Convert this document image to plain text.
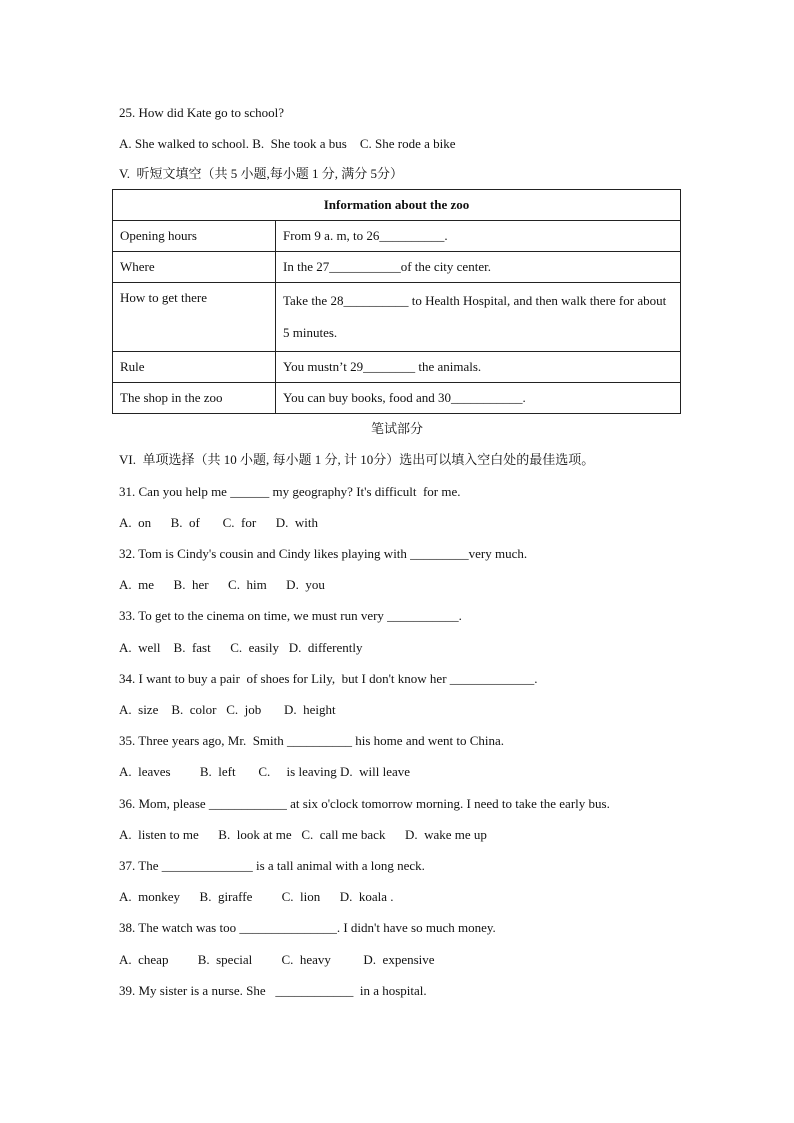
25. How did Kate go to school?
A. She walked to school. B.  She took a bus    C. She rode a bike
V.  听短文填空（共 5 小题,每小题 1 分, 满分 5分）
Information about the zoo	
Opening hours	From 9 a. m, to 26__________.
Where	In the 27___________of the city center.
How to get there	Take the 28__________ to Health Hospital, and then walk there for about 5 minutes.
Rule	You mustn’t 29________ the animals.
The shop in the zoo	You can buy books, food and 30___________.
笔试部分
VI.  单项选择（共 10 小题, 每小题 1 分, 计 10分）选出可以填入空白处的最佳选项。
31. Can you help me ______ my geography? It's difficult  for me.
A.  on      B.  of       C.  for      D.  with
32. Tom is Cindy's cousin and Cindy likes playing with _________very much.
A.  me      B.  her      C.  him      D.  you
33. To get to the cinema on time, we must run very ___________.
A.  well    B.  fast      C.  easily   D.  differently
34. I want to buy a pair  of shoes for Lily,  but I don't know her _____________.
A.  size    B.  color   C.  job       D.  height
35. Three years ago, Mr.  Smith __________ his home and went to China.
A.  leaves         B.  left       C.     is leaving D.  will leave
36. Mom, please ____________ at six o'clock tomorrow morning. I need to take the early bus.
A.  listen to me      B.  look at me   C.  call me back      D.  wake me up
37. The ______________ is a tall animal with a long neck.
A.  monkey      B.  giraffe         C.  lion      D.  koala .
38. The watch was too _______________. I didn't have so much money.
A.  cheap         B.  special         C.  heavy          D.  expensive
39. My sister is a nurse. She   ____________  in a hospital.
